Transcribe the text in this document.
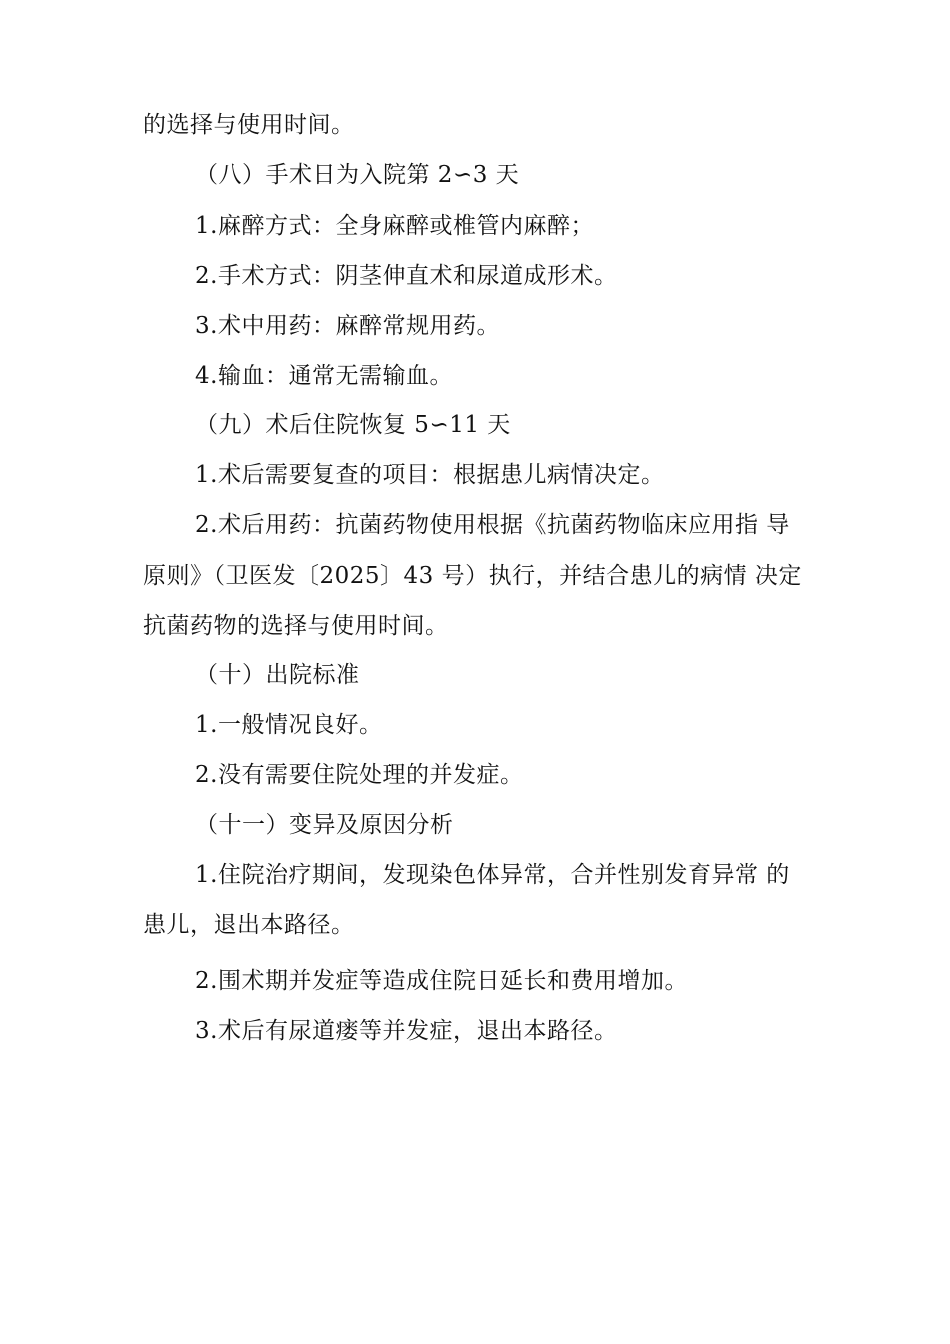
的选择与使用时间。
（八）手术日为入院第 2∽3 天
1.麻醉方式：全身麻醉或椎管内麻醉；
2.手术方式：阴茎伸直术和尿道成形术。
3.术中用药：麻醉常规用药。
4.输血：通常无需输血。
（九）术后住院恢复 5∽11 天
1.术后需要复查的项目：根据患儿病情决定。
2.术后用药：抗菌药物使用根据《抗菌药物临床应用指 导
原则》（卫医发〔2025〕43 号）执行，并结合患儿的病情 决定
抗菌药物的选择与使用时间。
（十）出院标准
1.一般情况良好。
2.没有需要住院处理的并发症。
（十一）变异及原因分析
1.住院治疗期间，发现染色体异常，合并性别发育异常 的
患儿，退出本路径。
2.围术期并发症等造成住院日延长和费用增加。
3.术后有尿道瘘等并发症，退出本路径。
